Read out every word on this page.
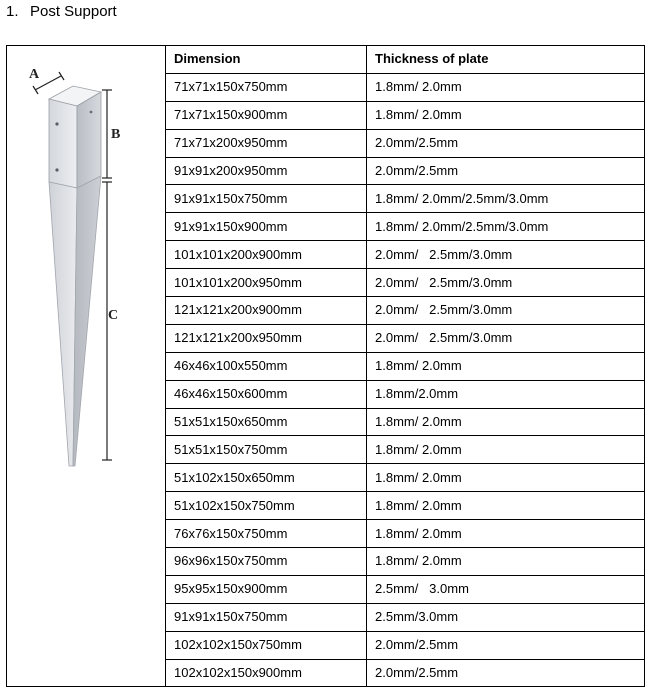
1. Post Support
A
B
C	Dimension	Thickness of plate
	71x71x150x750mm	1.8mm/ 2.0mm
	71x71x150x900mm	1.8mm/ 2.0mm
	71x71x200x950mm	2.0mm/2.5mm
	91x91x200x950mm	2.0mm/2.5mm
	91x91x150x750mm	1.8mm/ 2.0mm/2.5mm/3.0mm
	91x91x150x900mm	1.8mm/ 2.0mm/2.5mm/3.0mm
	101x101x200x900mm	2.0mm/   2.5mm/3.0mm
	101x101x200x950mm	2.0mm/   2.5mm/3.0mm
	121x121x200x900mm	2.0mm/   2.5mm/3.0mm
	121x121x200x950mm	2.0mm/   2.5mm/3.0mm
	46x46x100x550mm	1.8mm/ 2.0mm
	46x46x150x600mm	1.8mm/2.0mm
	51x51x150x650mm	1.8mm/ 2.0mm
	51x51x150x750mm	1.8mm/ 2.0mm
	51x102x150x650mm	1.8mm/ 2.0mm
	51x102x150x750mm	1.8mm/ 2.0mm
	76x76x150x750mm	1.8mm/ 2.0mm
	96x96x150x750mm	1.8mm/ 2.0mm
	95x95x150x900mm	2.5mm/   3.0mm
	91x91x150x750mm	2.5mm/3.0mm
	102x102x150x750mm	2.0mm/2.5mm
	102x102x150x900mm	2.0mm/2.5mm
